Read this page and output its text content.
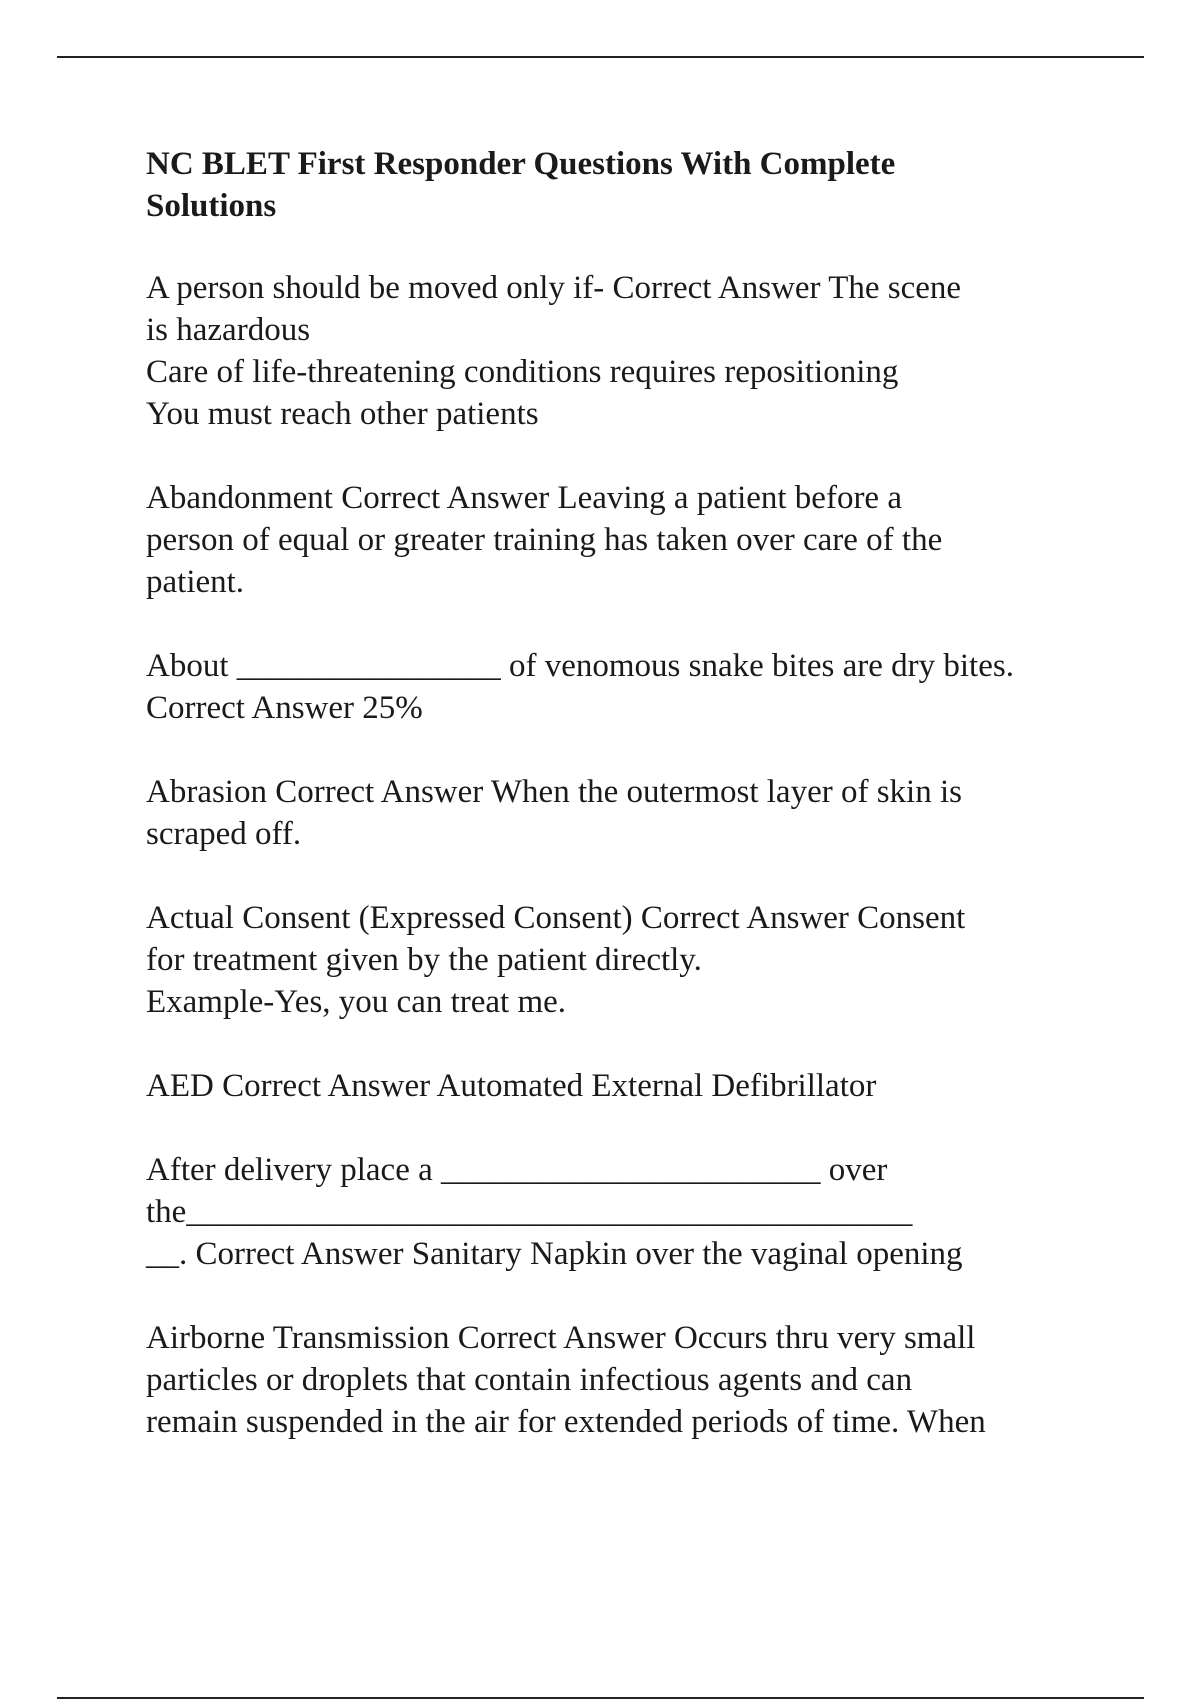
NC BLET First Responder Questions With Complete
Solutions
A person should be moved only if- Correct Answer The scene
is hazardous
Care of life-threatening conditions requires repositioning
You must reach other patients
Abandonment Correct Answer Leaving a patient before a
person of equal or greater training has taken over care of the
patient.
About ________________ of venomous snake bites are dry bites.
Correct Answer 25%
Abrasion Correct Answer When the outermost layer of skin is
scraped off.
Actual Consent (Expressed Consent) Correct Answer Consent
for treatment given by the patient directly.
Example-Yes, you can treat me.
AED Correct Answer Automated External Defibrillator
After delivery place a _______________________ over
the____________________________________________
__. Correct Answer Sanitary Napkin over the vaginal opening
Airborne Transmission Correct Answer Occurs thru very small
particles or droplets that contain infectious agents and can
remain suspended in the air for extended periods of time. When
